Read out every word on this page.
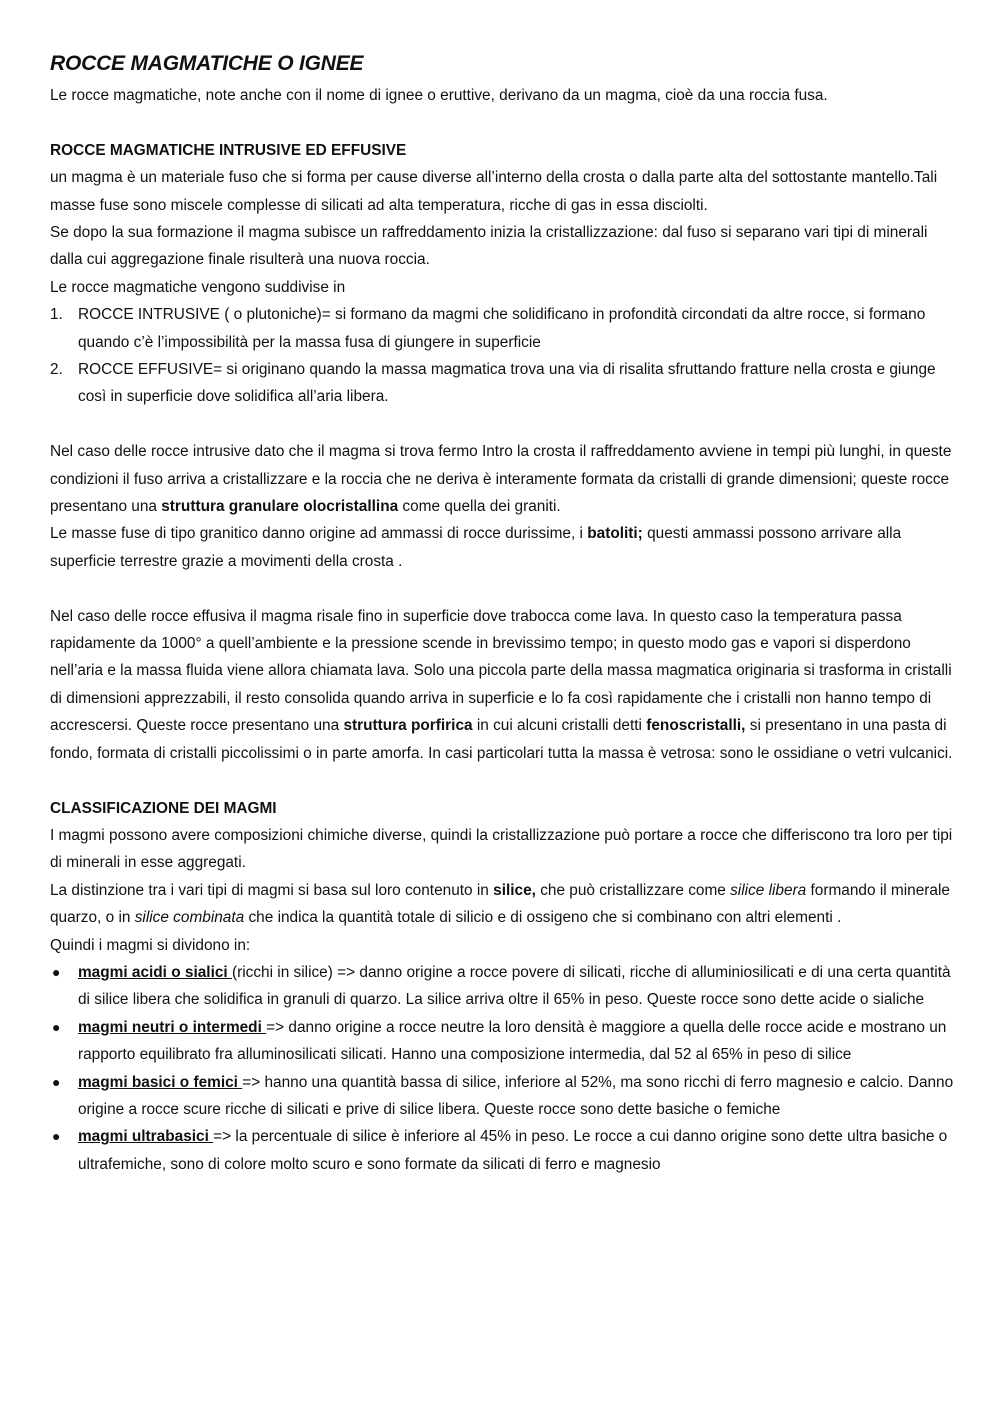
ROCCE MAGMATICHE O IGNEE

Le rocce magmatiche, note anche con il nome di ignee o eruttive, derivano da un magma, cioè da una roccia fusa.

ROCCE MAGMATICHE INTRUSIVE ED EFFUSIVE

un magma è un materiale fuso che si forma per cause diverse all’interno della crosta o dalla parte alta del sottostante mantello.Tali masse fuse sono miscele complesse di silicati ad alta temperatura, ricche di gas in essa disciolti.

Se dopo la sua formazione il magma subisce un raffreddamento inizia la cristallizzazione: dal fuso si separano vari tipi di minerali dalla cui aggregazione finale risulterà una nuova roccia.

Le rocce magmatiche vengono suddivise in

1. ROCCE INTRUSIVE ( o plutoniche)= si formano da magmi che solidificano in profondità circondati da altre rocce, si formano quando c’è l’impossibilità per la massa fusa di giungere in superficie
2. ROCCE EFFUSIVE= si originano quando la massa magmatica trova una via di risalita sfruttando fratture nella crosta e giunge così in superficie dove solidifica all’aria libera.

Nel caso delle rocce intrusive dato che il magma si trova fermo Intro la crosta il raffreddamento avviene in tempi più lunghi, in queste condizioni il fuso arriva a cristallizzare e la roccia che ne deriva è interamente formata da cristalli di grande dimensioni; queste rocce presentano una struttura granulare olocristallina come quella dei graniti.

Le masse fuse di tipo granitico danno origine ad ammassi di rocce durissime, i batoliti; questi ammassi possono arrivare alla superficie terrestre grazie a movimenti della crosta .

Nel caso delle rocce effusiva il magma risale fino in superficie dove trabocca come lava. In questo caso la temperatura passa rapidamente da 1000° a quell’ambiente e la pressione scende in brevissimo tempo; in questo modo gas e vapori si disperdono nell’aria e la massa fluida viene allora chiamata lava. Solo una piccola parte della massa magmatica originaria si trasforma in cristalli di dimensioni apprezzabili, il resto consolida quando arriva in superficie e lo fa così rapidamente che i cristalli non hanno tempo di accrescersi. Queste rocce presentano una struttura porfirica in cui alcuni cristalli detti fenoscristalli, si presentano in una pasta di fondo, formata di cristalli piccolissimi o in parte amorfa. In casi particolari tutta la massa è vetrosa: sono le ossidiane o vetri vulcanici.

CLASSIFICAZIONE DEI MAGMI

I magmi possono avere composizioni chimiche diverse, quindi la cristallizzazione può portare a rocce che differiscono tra loro per tipi di minerali in esse aggregati.

La distinzione tra i vari tipi di magmi si basa sul loro contenuto in silice, che può cristallizzare come silice libera formando il minerale quarzo, o in silice combinata che indica la quantità totale di silicio e di ossigeno che si combinano con altri elementi .

Quindi i magmi si dividono in:

● magmi acidi o sialici (ricchi in silice) => danno origine a rocce povere di silicati, ricche di alluminiosilicati e di una certa quantità di silice libera che solidifica in granuli di quarzo. La silice arriva oltre il 65% in peso. Queste rocce sono dette acide o sialiche
● magmi neutri o intermedi => danno origine a rocce neutre la loro densità è maggiore a quella delle rocce acide e mostrano un rapporto equilibrato fra alluminosilicati silicati. Hanno una composizione intermedia, dal 52 al 65% in peso di silice
● magmi basici o femici => hanno una quantità bassa di silice, inferiore al 52%, ma sono ricchi di ferro magnesio e calcio. Danno origine a rocce scure ricche di silicati e prive di silice libera. Queste rocce sono dette basiche o femiche
● magmi ultrabasici => la percentuale di silice è inferiore al 45% in peso. Le rocce a cui danno origine sono dette ultra basiche o ultrafemiche, sono di colore molto scuro e sono formate da silicati di ferro e magnesio
